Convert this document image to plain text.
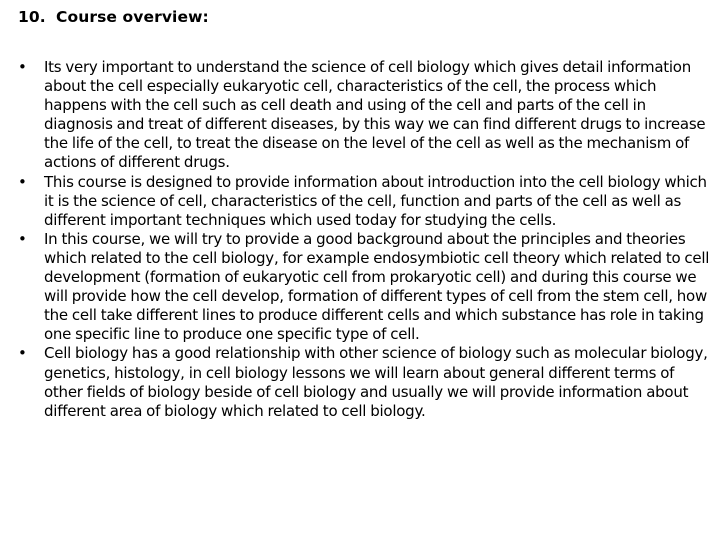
10. Course overview:
•	Its very important to understand the science of cell biology which gives detail information about the cell especially eukaryotic cell, characteristics of the cell, the process which happens with the cell such as cell death and using of the cell and parts of the cell in diagnosis and treat of different diseases, by this way we can find different drugs to increase the life of the cell, to treat the disease on the level of the cell as well as the mechanism of actions of different drugs.
•	This course is designed to provide information about introduction into the cell biology which it is the science of cell, characteristics of the cell, function and parts of the cell as well as different important techniques which used today for studying the cells.
•	In this course, we will try to provide a good background about the principles and theories which related to the cell biology, for example endosymbiotic cell theory which related to cell development (formation of eukaryotic cell from prokaryotic cell) and during this course we will provide how the cell develop, formation of different types of cell from the stem cell, how the cell take different lines to produce different cells and which substance has role in taking one specific line to produce one specific type of cell.
•	Cell biology has a good relationship with other science of biology such as molecular biology, genetics, histology, in cell biology lessons we will learn about general different terms of other fields of biology beside of cell biology and usually we will provide information about different area of biology which related to cell biology.
